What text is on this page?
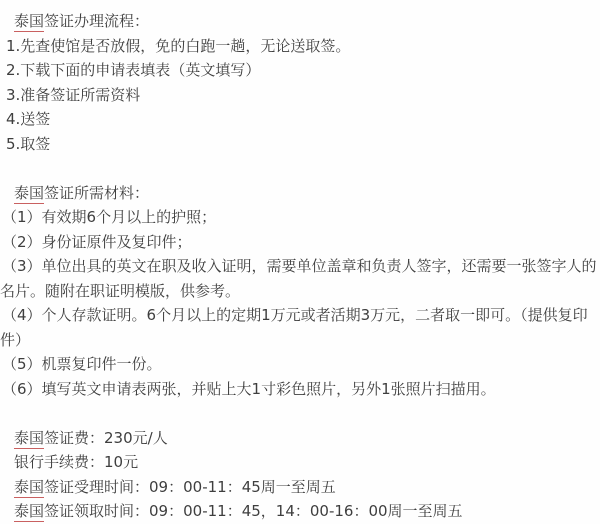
泰国签证办理流程：

1.先查使馆是否放假，免的白跑一趟，无论送取签。

2.下载下面的申请表填表（英文填写）

3.准备签证所需资料

4.送签

5.取签

泰国签证所需材料：

（1）有效期6个月以上的护照；

（2）身份证原件及复印件；

（3）单位出具的英文在职及收入证明，需要单位盖章和负责人签字，还需要一张签字人的名片。随附在职证明模版，供参考。

（4）个人存款证明。6个月以上的定期1万元或者活期3万元，二者取一即可。（提供复印件）

（5）机票复印件一份。

（6）填写英文申请表两张，并贴上大1寸彩色照片，另外1张照片扫描用。

泰国签证费：230元/人

银行手续费：10元

泰国签证受理时间：09：00-11：45周一至周五

泰国签证领取时间：09：00-11：45，14：00-16：00周一至周五
